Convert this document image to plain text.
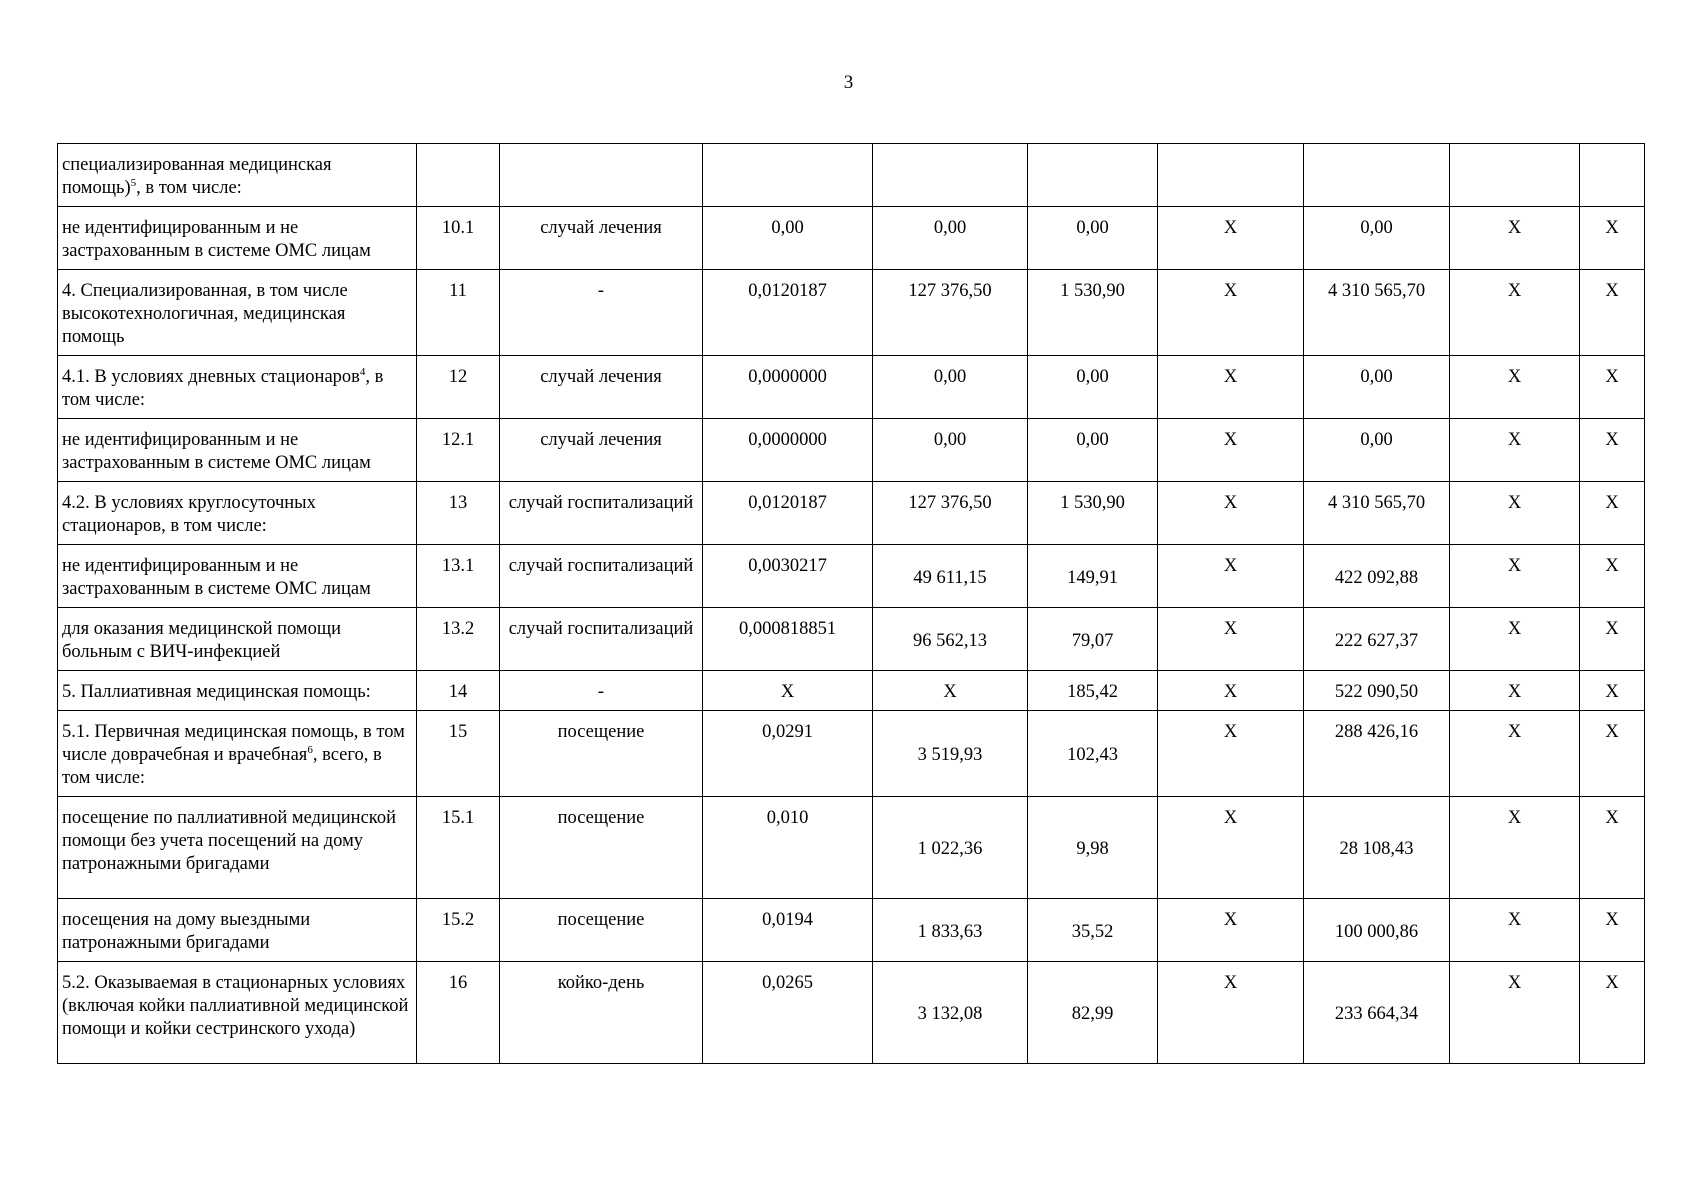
3
специализированная медицинская помощь)$^5$, в том числе:									
не идентифицированным и не застрахованным в системе ОМС лицам	10.1	случай лечения	0,00	0,00	0,00	Х	0,00	Х	Х
4. Специализированная, в том числе высокотехнологичная, медицинская помощь	11	-	0,0120187	127 376,50	1 530,90	Х	4 310 565,70	Х	Х
4.1. В условиях дневных стационаров$^4$, в том числе:	12	случай лечения	0,0000000	0,00	0,00	Х	0,00	Х	Х
не идентифицированным и не застрахованным в системе ОМС лицам	12.1	случай лечения	0,0000000	0,00	0,00	Х	0,00	Х	Х
4.2. В условиях круглосуточных стационаров, в том числе:	13	случай госпитализаций	0,0120187	127 376,50	1 530,90	Х	4 310 565,70	Х	Х
не идентифицированным и не застрахованным в системе ОМС лицам	13.1	случай госпитализаций	0,0030217	49 611,15	149,91	Х	422 092,88	Х	Х
для оказания медицинской помощи больным с ВИЧ-инфекцией	13.2	случай госпитализаций	0,000818851	96 562,13	79,07	Х	222 627,37	Х	Х
5. Паллиативная медицинская помощь:	14	-	Х	Х	185,42	Х	522 090,50	Х	Х
5.1. Первичная медицинская помощь, в том числе доврачебная и врачебная$^6$, всего, в том числе:	15	посещение	0,0291	3 519,93	102,43	Х	288 426,16	Х	Х
посещение по паллиативной медицинской помощи без учета посещений на дому патронажными бригадами	15.1	посещение	0,010	1 022,36	9,98	Х	28 108,43	Х	Х
посещения на дому выездными патронажными бригадами	15.2	посещение	0,0194	1 833,63	35,52	Х	100 000,86	Х	Х
5.2. Оказываемая в стационарных условиях (включая койки паллиативной медицинской помощи и койки сестринского ухода)	16	койко-день	0,0265	3 132,08	82,99	Х	233 664,34	Х	Х
